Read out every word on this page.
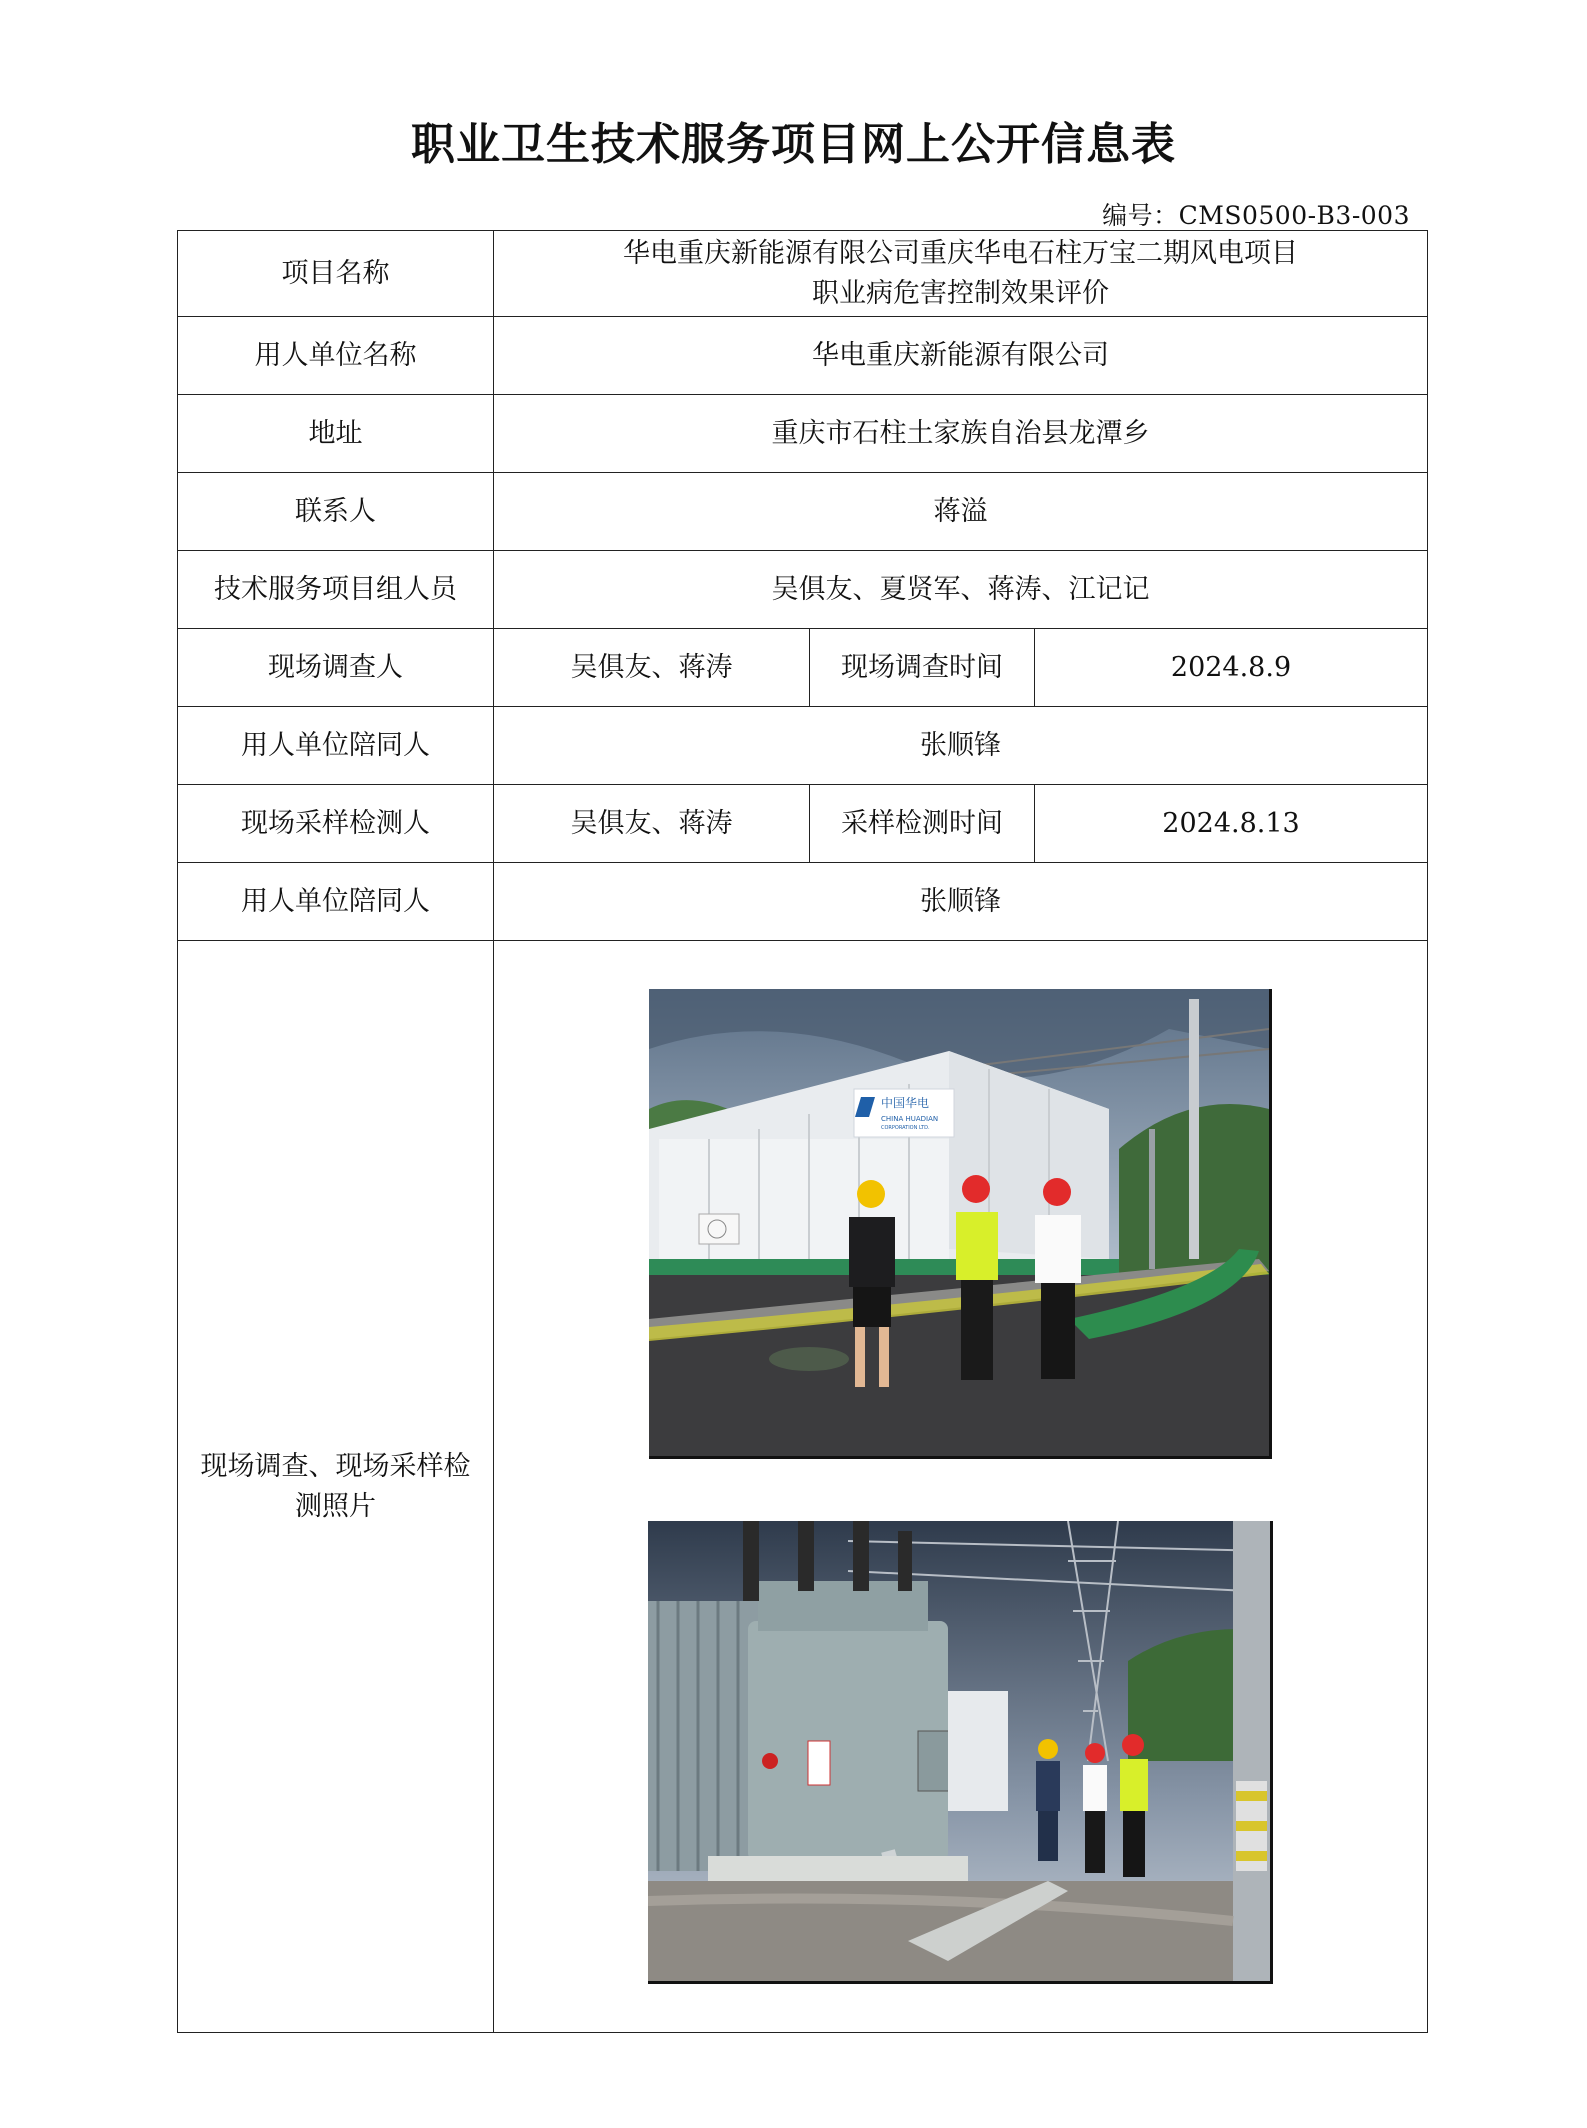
职业卫生技术服务项目网上公开信息表
编号：CMS0500-B3-003
项目名称	华电重庆新能源有限公司重庆华电石柱万宝二期风电项目
职业病危害控制效果评价		

用人单位名称	华电重庆新能源有限公司		
地址	重庆市石柱土家族自治县龙潭乡		
联系人	蒋溢		
技术服务项目组人员	吴俱友、夏贤军、蒋涛、江记记		
现场调查人	吴俱友、蒋涛	现场调查时间	2024.8.9
用人单位陪同人	张顺锋		
现场采样检测人	吴俱友、蒋涛	采样检测时间	2024.8.13
用人单位陪同人	张顺锋		
现场调查、现场采样检测照片	中国华电
CHINA HUADIAN
CORPORATION LTD.		
